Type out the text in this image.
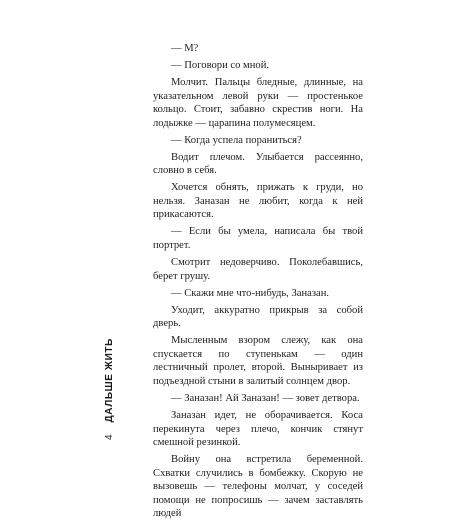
— М?

— Поговори со мной.

Молчит. Пальцы бледные, длинные, на указательном левой руки — простенькое кольцо. Стоит, забавно скрестив ноги. На лодыжке — царапина полумесяцем.

— Когда успела пораниться?

Водит плечом. Улыбается рассеянно, словно в себя.

Хочется обнять, прижать к груди, но нельзя. Заназан не любит, когда к ней прикасаются.

— Если бы умела, написала бы твой портрет.

Смотрит недоверчиво. Поколебавшись, берет грушу.

— Скажи мне что-нибудь, Заназан.

Уходит, аккуратно прикрыв за собой дверь.

Мысленным взором слежу, как она спускается по ступенькам — один лестничный пролет, второй. Выныривает из подъездной стыни в залитый солнцем двор.

— Заназан! Ай Заназан! — зовет детвора.

Заназан идет, не оборачивается. Коса перекинута через плечо, кончик стянут смешной резинкой.

Войну она встретила беременной. Схватки случились в бомбежку. Скорую не вызовешь — телефоны молчат, у соседей помощи не попросишь — зачем заставлять людей

4
ДАЛЬШЕ ЖИТЬ
